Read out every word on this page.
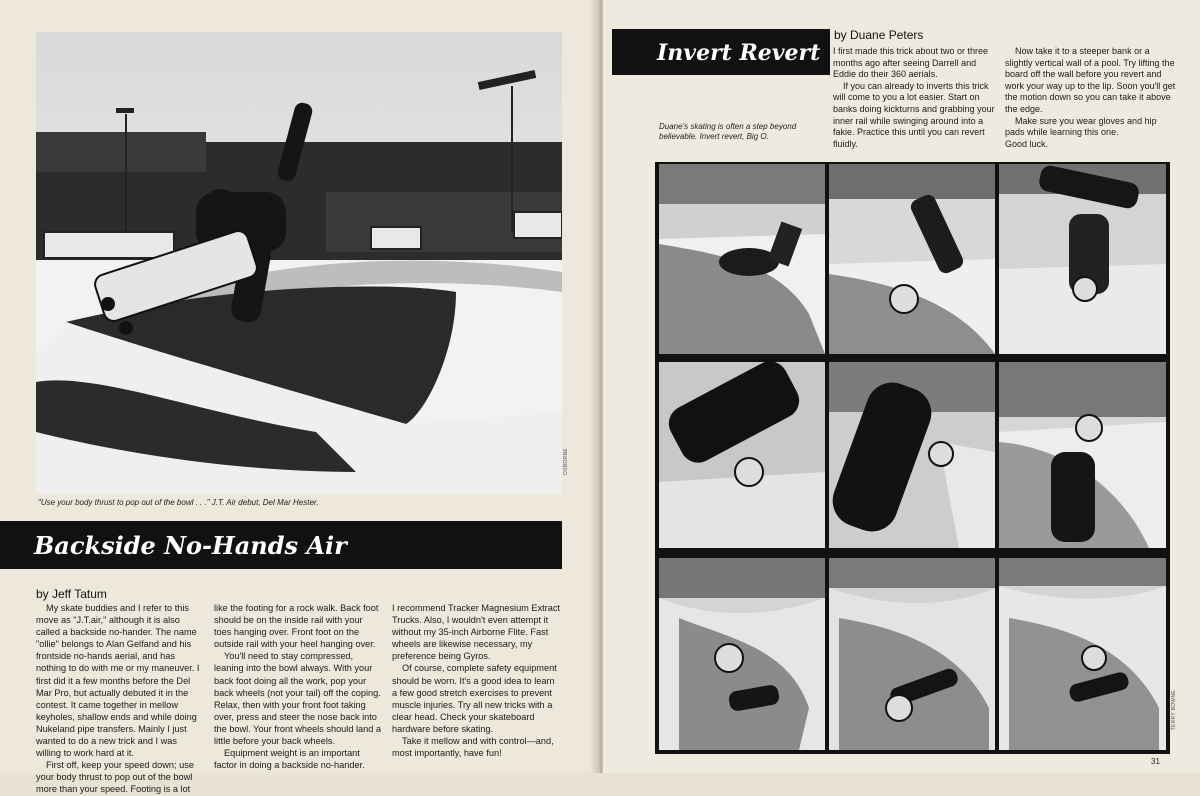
OSBORNE
"Use your body thrust to pop out of the bowl . . ." J.T. Air debut, Del Mar Hester.
Backside No-Hands Air
by Jeff Tatum

My skate buddies and I refer to this move as "J.T.air," although it is also called a backside no-hander. The name "ollie" belongs to Alan Gelfand and his frontside no-hands aerial, and has nothing to do with me or my maneuver. I first did it a few months before the Del Mar Pro, but actually debuted it in the contest. It came together in mellow keyholes, shallow ends and while doing Nukeland pipe transfers. Mainly I just wanted to do a new trick and I was willing to work hard at it.

First off, keep your speed down; use your body thrust to pop out of the bowl more than your speed. Footing is a lot

like the footing for a rock walk. Back foot should be on the inside rail with your toes hanging over. Front foot on the outside rail with your heel hanging over.

You'll need to stay compressed, leaning into the bowl always. With your back foot doing all the work, pop your back wheels (not your tail) off the coping. Relax, then with your front foot taking over, press and steer the nose back into the bowl. Your front wheels should land a little before your back wheels.

Equipment weight is an important factor in doing a backside no-hander.

I recommend Tracker Magnesium Extract Trucks. Also, I wouldn't even attempt it without my 35-inch Airborne Flite. Fast wheels are likewise necessary, my preference being Gyros.

Of course, complete safety equipment should be worn. It's a good idea to learn a few good stretch exercises to prevent muscle injuries. Try all new tricks with a clear head. Check your skateboard hardware before skating.

Take it mellow and with control—and, most importantly, have fun!

Invert Revert
by Duane Peters
Duane's skating is often a step beyond believable. Invert revert, Big O.

I first made this trick about two or three months ago after seeing Darrell and Eddie do their 360 aerials.

If you can already to inverts this trick will come to you a lot easier. Start on banks doing kickturns and grabbing your inner rail while swinging around into a fakie. Practice this until you can revert fluidly.

Now take it to a steeper bank or a slightly vertical wall of a pool. Try lifting the board off the wall before you revert and work your way up to the lip. Soon you'll get the motion down so you can take it above the edge.

Make sure you wear gloves and hip pads while learning this one.

Good luck.

TERRY BOWNE
31
